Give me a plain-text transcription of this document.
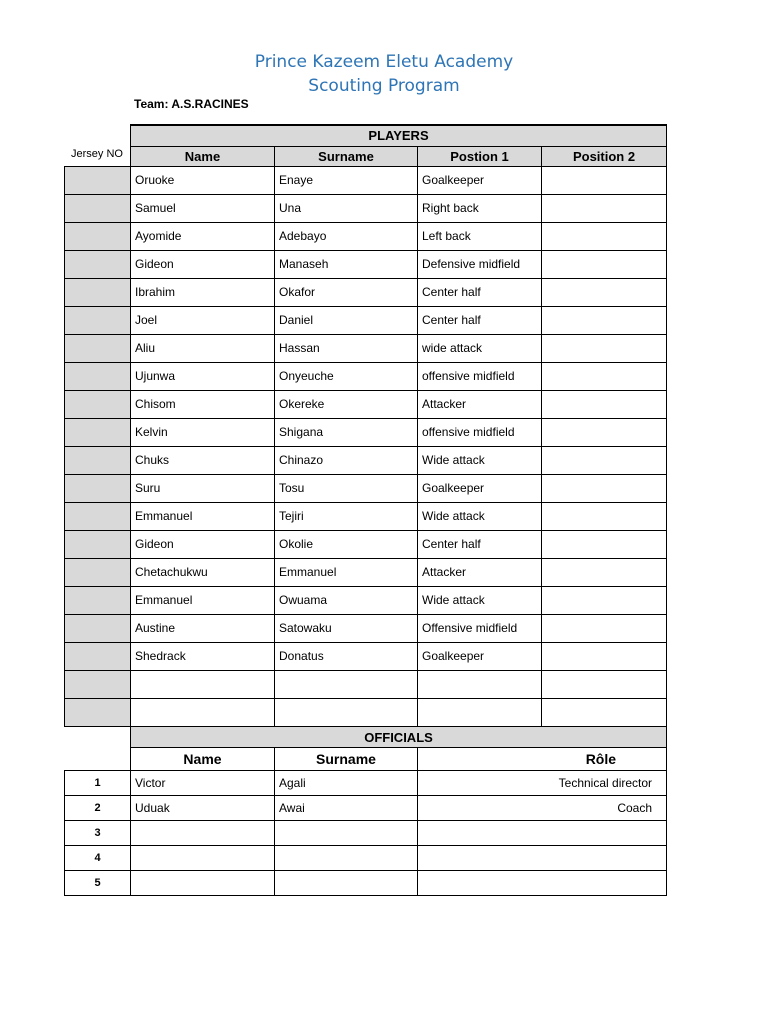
Prince Kazeem Eletu Academy
Scouting Program
Team: A.S.RACINES
Jersey NO
	PLAYERS			
	Name	Surname	Postion 1	Position 2
	Oruoke	Enaye	Goalkeeper	
	Samuel	Una	Right back	
	Ayomide	Adebayo	Left back	
	Gideon	Manaseh	Defensive midfield	
	Ibrahim	Okafor	Center half	
	Joel	Daniel	Center half	
	Aliu	Hassan	wide attack	
	Ujunwa	Onyeuche	offensive midfield	
	Chisom	Okereke	Attacker	
	Kelvin	Shigana	offensive midfield	
	Chuks	Chinazo	Wide attack	
	Suru	Tosu	Goalkeeper	
	Emmanuel	Tejiri	Wide attack	
	Gideon	Okolie	Center half	
	Chetachukwu	Emmanuel	Attacker	
	Emmanuel	Owuama	Wide attack	
	Austine	Satowaku	Offensive midfield	
	Shedrack	Donatus	Goalkeeper	

	OFFICIALS		
	Name	Surname	Rôle
1	Victor	Agali	Technical director
2	Uduak	Awai	Coach
3			
4			
5			
